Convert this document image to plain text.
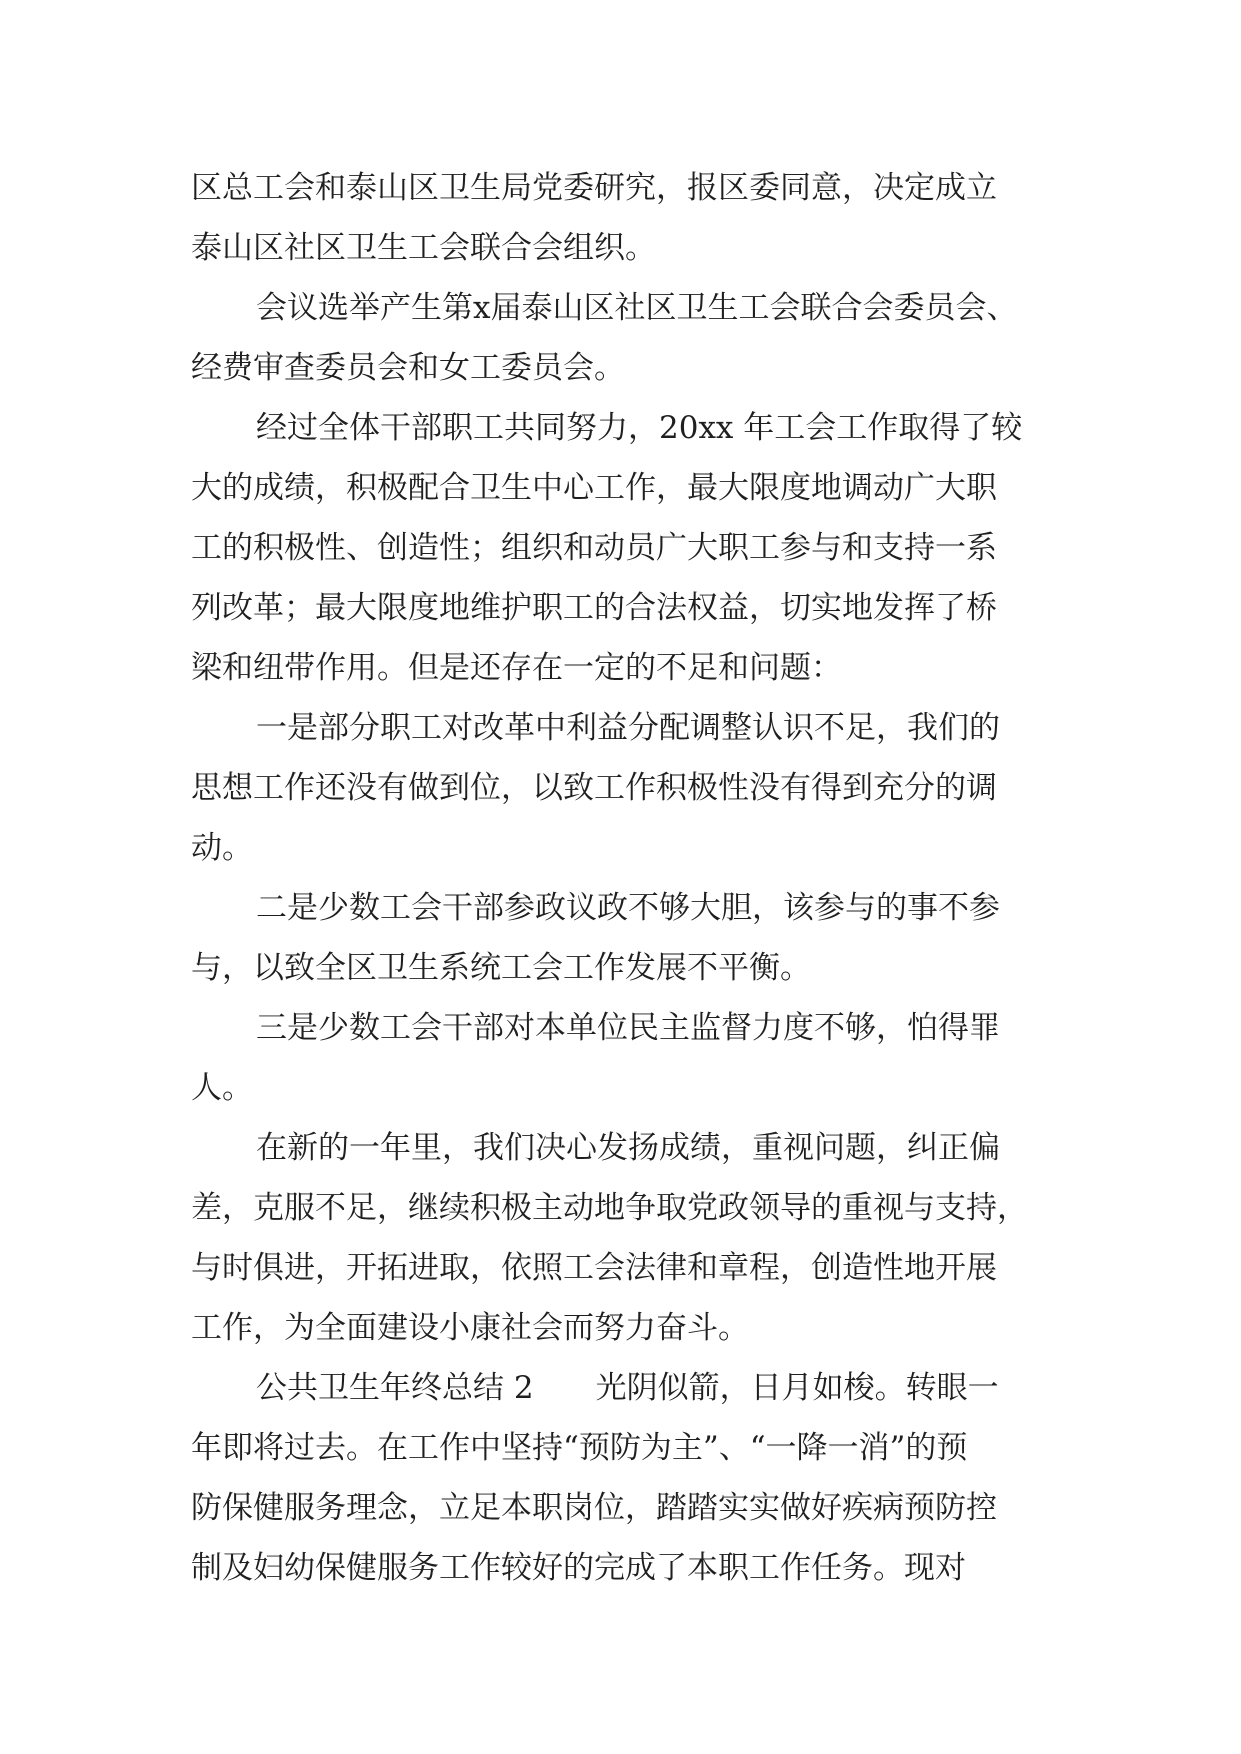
区总工会和泰山区卫生局党委研究，报区委同意，决定成立
泰山区社区卫生工会联合会组织。
会议选举产生第x届泰山区社区卫生工会联合会委员会、
经费审查委员会和女工委员会。
经过全体干部职工共同努力，20xx 年工会工作取得了较
大的成绩，积极配合卫生中心工作，最大限度地调动广大职
工的积极性、创造性；组织和动员广大职工参与和支持一系
列改革；最大限度地维护职工的合法权益，切实地发挥了桥
梁和纽带作用。但是还存在一定的不足和问题：
一是部分职工对改革中利益分配调整认识不足，我们的
思想工作还没有做到位，以致工作积极性没有得到充分的调
动。
二是少数工会干部参政议政不够大胆，该参与的事不参
与，以致全区卫生系统工会工作发展不平衡。
三是少数工会干部对本单位民主监督力度不够，怕得罪
人。
在新的一年里，我们决心发扬成绩，重视问题，纠正偏
差，克服不足，继续积极主动地争取党政领导的重视与支持，
与时俱进，开拓进取，依照工会法律和章程，创造性地开展
工作，为全面建设小康社会而努力奋斗。
公共卫生年终总结 2　　光阴似箭，日月如梭。转眼一
年即将过去。在工作中坚持“预防为主”、“一降一消”的预
防保健服务理念，立足本职岗位，踏踏实实做好疾病预防控
制及妇幼保健服务工作较好的完成了本职工作任务。现对
